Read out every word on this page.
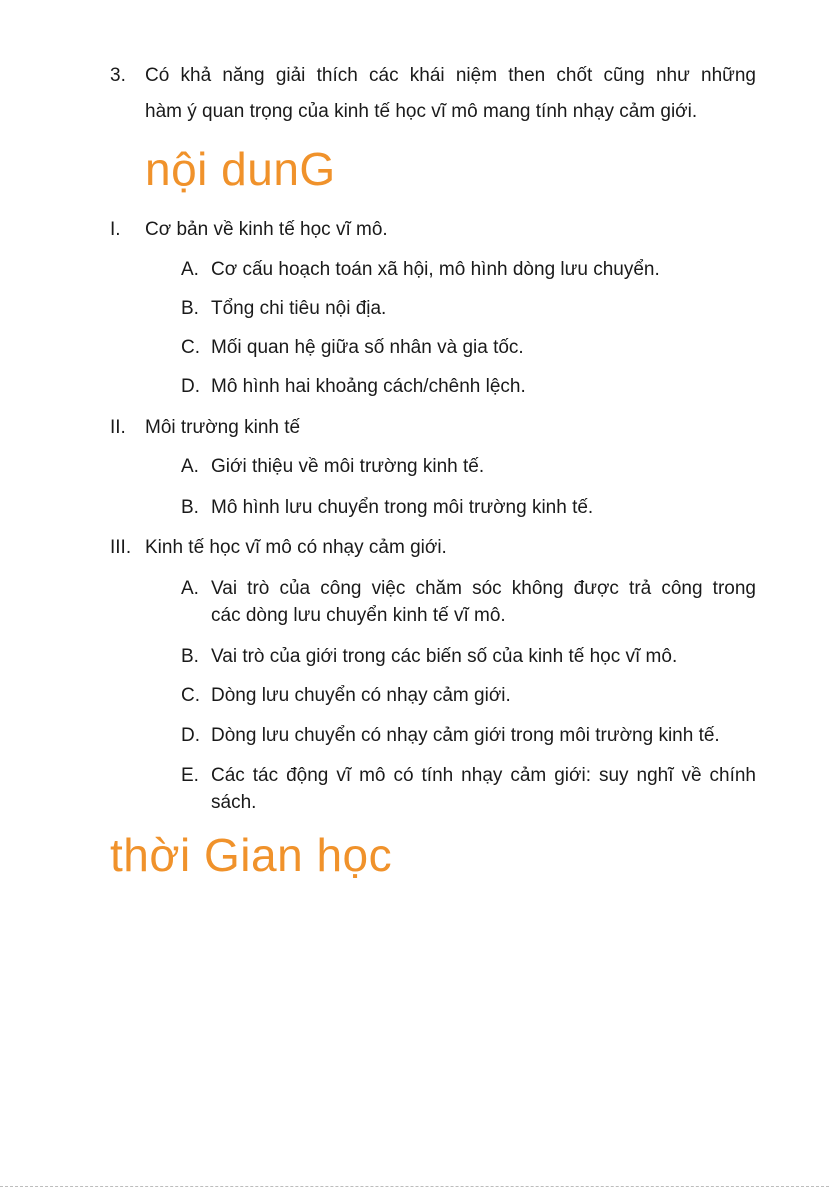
3. Có khả năng giải thích các khái niệm then chốt cũng như những
hàm ý quan trọng của kinh tế học vĩ mô mang tính nhạy cảm giới.
nội dunG
I. Cơ bản về kinh tế học vĩ mô.
A. Cơ cấu hoạch toán xã hội, mô hình dòng lưu chuyển.
B. Tổng chi tiêu nội địa.
C. Mối quan hệ giữa số nhân và gia tốc.
D. Mô hình hai khoảng cách/chênh lệch.
II. Môi trường kinh tế
A. Giới thiệu về môi trường kinh tế.
B. Mô hình lưu chuyển trong môi trường kinh tế.
III. Kinh tế học vĩ mô có nhạy cảm giới.
A. Vai trò của công việc chăm sóc không được trả công trong
các dòng lưu chuyển kinh tế vĩ mô.
B. Vai trò của giới trong các biến số của kinh tế học vĩ mô.
C. Dòng lưu chuyển có nhạy cảm giới.
D. Dòng lưu chuyển có nhạy cảm giới trong môi trường kinh tế.
E. Các tác động vĩ mô có tính nhạy cảm giới: suy nghĩ về chính
sách.
thời Gian học
